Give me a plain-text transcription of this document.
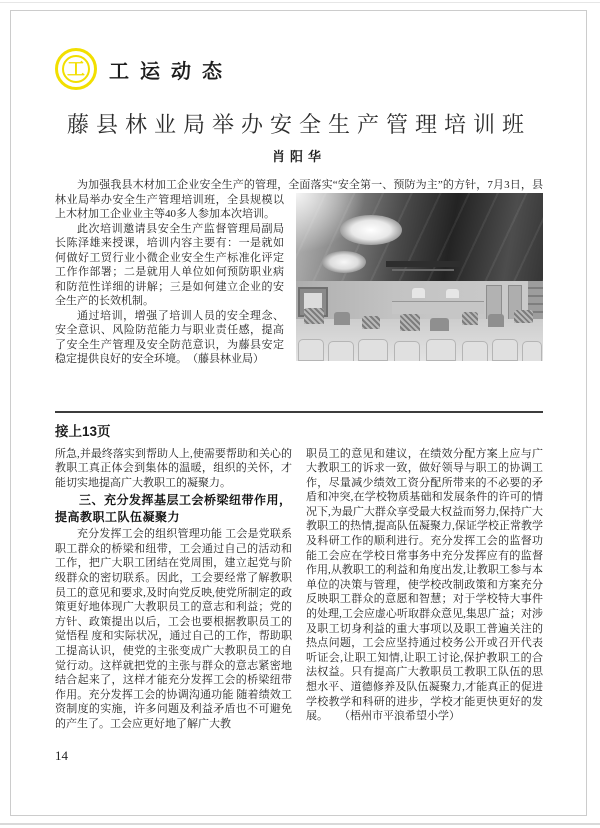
工 工运动态
藤县林业局举办安全生产管理培训班
肖阳华

为加强我县木材加工企业安全生产的管理，全面落实“安全第一、预防为主”的方针，7月3日，县
林业局举办安全生产管理培训班，全县规模以上木材加工企业业主等40多人参加本次培训。

此次培训邀请县安全生产监督管理局副局长陈泽雄来授课，培训内容主要有：一是就如何做好工贸行业小微企业安全生产标准化评定工作作部署；二是就用人单位如何预防职业病和防范性详细的讲解；三是如何建立企业的安全生产的长效机制。

通过培训，增强了培训人员的安全理念、安全意识、风险防范能力与职业责任感，提高了安全生产管理及安全防范意识，为藤县安定稳定提供良好的安全环境。　（藤县林业局）

接上13页

所急,并最终落实到帮助人上,使需要帮助和关心的教职工真正体会到集体的温暖，组织的关怀，才能切实地提高广大教职工的凝聚力。

三、充分发挥基层工会桥梁纽带作用，提高教职工队伍凝聚力

充分发挥工会的组织管理功能 工会是党联系职工群众的桥梁和纽带，工会通过自己的活动和工作，把广大职工团结在党周围，建立起党与阶级群众的密切联系。因此，工会要经常了解教职员工的意见和要求,及时向党反映,使党所制定的政策更好地体现广大教职员工的意志和利益；党的方针、政策提出以后，工会也要根据教职员工的觉悟程 度和实际状况，通过自己的工作，帮助职工提高认识，使党的主张变成广大教职员工的自觉行动。这样就把党的主张与群众的意志紧密地结合起来了，这样才能充分发挥工会的桥梁纽带作用。充分发挥工会的协调沟通功能 随着绩效工资制度的实施，许多问题及利益矛盾也不可避免的产生了。工会应更好地了解广大教

职员工的意见和建议，在绩效分配方案上应与广大教职工的诉求一致，做好领导与职工的协调工作，尽量减少绩效工资分配所带来的不必要的矛盾和冲突,在学校物质基础和发展条件的许可的情况下,为最广大群众享受最大权益而努力,保持广大教职工的热情,提高队伍凝聚力,保证学校正常教学及科研工作的顺利进行。充分发挥工会的监督功能工会应在学校日常事务中充分发挥应有的监督作用,从教职工的利益和角度出发,让教职工参与本单位的决策与管理，使学校改制政策和方案充分反映职工群众的意愿和智慧；对于学校特大事件的处理,工会应虚心听取群众意见,集思广益；对涉及职工切身利益的重大事项以及职工普遍关注的热点问题，工会应坚持通过校务公开或召开代表听证会,让职工知情,让职工讨论,保护教职工的合法权益。只有提高广大教职员工教职工队伍的思想水平、道德修养及队伍凝聚力,才能真正的促进学校教学和科研的进步，学校才能更快更好的发展。　　（梧州市平浪希望小学）

14
